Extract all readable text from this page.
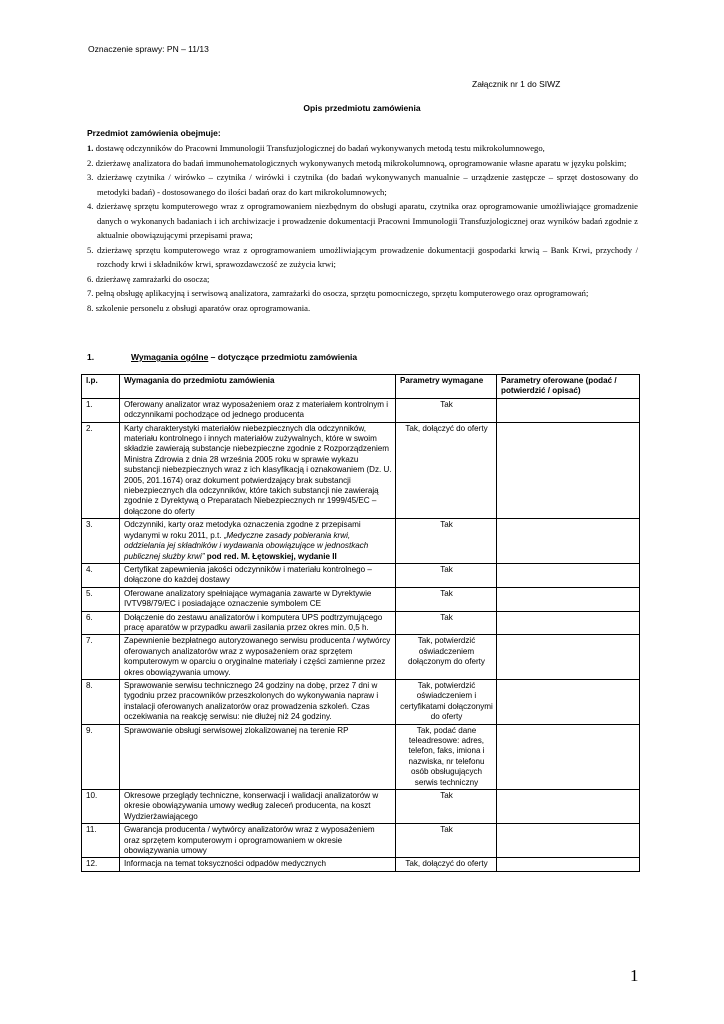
Oznaczenie sprawy: PN – 11/13
Załącznik nr 1 do SIWZ
Opis przedmiotu zamówienia
Przedmiot zamówienia obejmuje:
1. dostawę odczynników do Pracowni Immunologii Transfuzjologicznej do badań wykonywanych metodą testu mikrokolumnowego,
2. dzierżawę analizatora do badań immunohematologicznych wykonywanych metodą mikrokolumnową, oprogramowanie własne aparatu w języku polskim;
3. dzierżawę czytnika / wirówko – czytnika / wirówki i czytnika (do badań wykonywanych manualnie – urządzenie zastępcze – sprzęt dostosowany do metodyki badań) - dostosowanego do ilości badań oraz do kart mikrokolumnowych;
4. dzierżawę sprzętu komputerowego wraz z oprogramowaniem niezbędnym do obsługi aparatu, czytnika oraz oprogramowanie umożliwiające gromadzenie danych o wykonanych badaniach i ich archiwizacje i prowadzenie dokumentacji Pracowni Immunologii Transfuzjologicznej oraz wyników badań zgodnie z aktualnie obowiązującymi przepisami prawa;
5. dzierżawę sprzętu komputerowego wraz z oprogramowaniem umożliwiającym prowadzenie dokumentacji gospodarki krwią – Bank Krwi, przychody / rozchody krwi i składników krwi, sprawozdawczość ze zużycia krwi;
6. dzierżawę zamrażarki do osocza;
7. pełną obsługę aplikacyjną i serwisową analizatora, zamrażarki do osocza, sprzętu pomocniczego, sprzętu komputerowego oraz oprogramowań;
8. szkolenie personelu z obsługi aparatów oraz oprogramowania.
1.	Wymagania ogólne – dotyczące przedmiotu zamówienia
l.p.	Wymagania do przedmiotu zamówienia	Parametry wymagane	Parametry oferowane (podać / potwierdzić / opisać)
1.	Oferowany analizator wraz wyposażeniem oraz z materiałem kontrolnym i odczynnikami pochodzące od jednego producenta	Tak	
2.	Karty charakterystyki materiałów niebezpiecznych dla odczynników, materiału kontrolnego i innych materiałów zużywalnych, które w swoim składzie zawierają substancje niebezpieczne zgodnie z Rozporządzeniem Ministra Zdrowia z dnia 28 września 2005 roku w sprawie wykazu substancji niebezpiecznych wraz z ich klasyfikacją i oznakowaniem (Dz. U. 2005, 201.1674) oraz dokument potwierdzający brak substancji niebezpiecznych dla odczynników, które takich substancji nie zawierają zgodnie z Dyrektywą o Preparatach Niebezpiecznych nr 1999/45/EC – dołączone do oferty	Tak, dołączyć do oferty	
3.	Odczynniki, karty oraz metodyka oznaczenia zgodne z przepisami wydanymi w roku 2011, p.t. „Medyczne zasady pobierania krwi, oddzielania jej składników i wydawania obowiązujące w jednostkach publicznej służby krwi” pod red. M. Łętowskiej, wydanie II	Tak	
4.	Certyfikat zapewnienia jakości odczynników i materiału kontrolnego – dołączone do każdej dostawy	Tak	
5.	Oferowane analizatory spełniające wymagania zawarte w Dyrektywie IVTV98/79/EC i posiadające oznaczenie symbolem CE	Tak	
6.	Dołączenie do zestawu analizatorów i komputera UPS podtrzymującego pracę aparatów w przypadku awarii zasilania przez okres min. 0,5 h.	Tak	
7.	Zapewnienie bezpłatnego autoryzowanego serwisu producenta / wytwórcy oferowanych analizatorów wraz z wyposażeniem oraz sprzętem komputerowym w oparciu o oryginalne materiały i części zamienne przez okres obowiązywania umowy.	Tak, potwierdzić oświadczeniem dołączonym do oferty	
8.	Sprawowanie serwisu technicznego 24 godziny na dobę, przez 7 dni w tygodniu przez pracowników przeszkolonych do wykonywania napraw i instalacji oferowanych analizatorów oraz prowadzenia szkoleń. Czas oczekiwania na reakcję serwisu: nie dłużej niż 24 godziny.	Tak, potwierdzić oświadczeniem i certyfikatami dołączonymi do oferty	
9.	Sprawowanie obsługi serwisowej zlokalizowanej na terenie RP	Tak, podać dane teleadresowe: adres, telefon, faks, imiona i nazwiska, nr telefonu osób obsługujących serwis techniczny	
10.	Okresowe przeglądy techniczne, konserwacji i walidacji analizatorów w okresie obowiązywania umowy według zaleceń producenta, na koszt Wydzierżawiającego	Tak	
11.	Gwarancja producenta / wytwórcy analizatorów wraz z wyposażeniem oraz sprzętem komputerowym i oprogramowaniem w okresie obowiązywania umowy	Tak	
12.	Informacja na temat toksyczności odpadów medycznych	Tak, dołączyć do oferty	
1
